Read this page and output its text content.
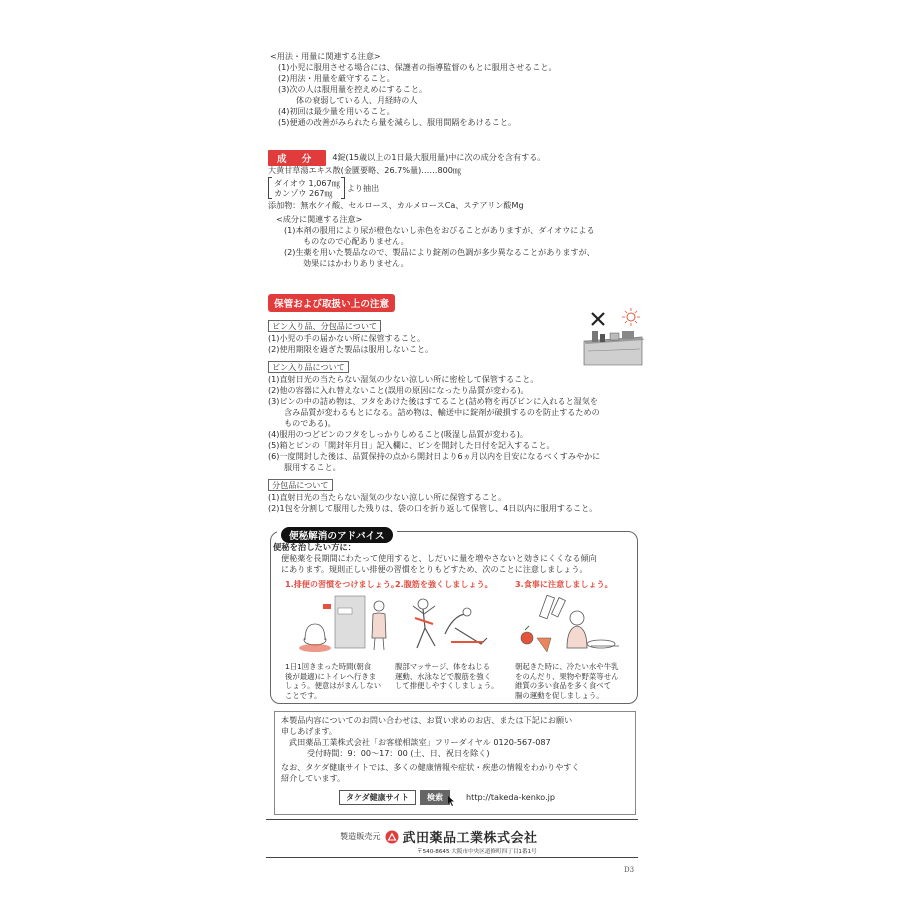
<用法・用量に関連する注意>
(1)小児に服用させる場合には、保護者の指導監督のもとに服用させること。
(2)用法・用量を厳守すること。
(3)次の人は服用量を控えめにすること。
体の衰弱している人、月経時の人
(4)初回は最少量を用いること。
(5)便通の改善がみられたら量を減らし、服用間隔をあけること。
成 分	4錠(15歳以上の1日最大服用量)中に次の成分を含有する。
大黄甘草湯エキス散(金匱要略、26.7%量)……800㎎
ダイオウ 1,067㎎
カンゾウ 267㎎
より抽出
添加物：無水ケイ酸、セルロース、カルメロースCa、ステアリン酸Mg
<成分に関連する注意>
(1)本剤の服用により尿が橙色ないし赤色をおびることがありますが、ダイオウによる
ものなので心配ありません。
(2)生薬を用いた製品なので、製品により錠剤の色調が多少異なることがありますが、
効果にはかわりありません。
保管および取扱い上の注意
ビン入り品、分包品について
(1)小児の手の届かない所に保管すること。
(2)使用期限を過ぎた製品は服用しないこと。
ビン入り品について
(1)直射日光の当たらない湿気の少ない涼しい所に密栓して保管すること。
(2)他の容器に入れ替えないこと(誤用の原因になったり品質が変わる)。
(3)ビンの中の詰め物は、フタをあけた後はすてること(詰め物を再びビンに入れると湿気を
含み品質が変わるもとになる。詰め物は、輸送中に錠剤が破損するのを防止するための
ものである)。
(4)服用のつどビンのフタをしっかりしめること(吸湿し品質が変わる)。
(5)箱とビンの「開封年月日」記入欄に、ビンを開封した日付を記入すること。
(6)一度開封した後は、品質保持の点から開封日より6ヵ月以内を目安になるべくすみやかに
服用すること。
分包品について
(1)直射日光の当たらない湿気の少ない涼しい所に保管すること。
(2)1包を分割して服用した残りは、袋の口を折り返して保管し、4日以内に服用すること。
便秘解消のアドバイス
便秘を治したい方に：
便秘薬を長期間にわたって使用すると、しだいに量を増やさないと効きにくくなる傾向
にあります。規則正しい排便の習慣をとりもどすため、次のことに注意しましょう。
1.排便の習慣をつけましょう。
1日1回きまった時間(朝食
後が最適)にトイレへ行きま
しょう。便意はがまんしない
ことです。
2.腹筋を強くしましょう。
腹部マッサージ、体をねじる
運動、水泳などで腹筋を強く
して排便しやすくしましょう。
3.食事に注意しましょう。
朝起きた時に、冷たい水や牛乳
をのんだり、果物や野菜等せん
維質の多い食品を多く食べて
腸の運動を促しましょう。
本製品内容についてのお問い合わせは、お買い求めのお店、または下記にお願い
申しあげます。
武田薬品工業株式会社「お客様相談室」フリーダイヤル 0120-567-087
受付時間：9：00～17：00 (土、日、祝日を除く)
なお、タケダ健康サイトでは、多くの健康情報や症状・疾患の情報をわかりやすく
紹介しています。
タケダ健康サイト	検索	http://takeda-kenko.jp
製造販売元 武田薬品工業株式会社
〒540-8645 大阪市中央区道修町四丁目1番1号
D3
